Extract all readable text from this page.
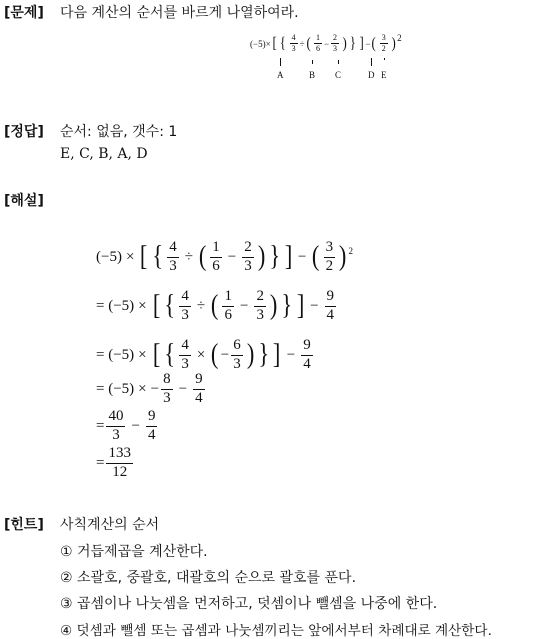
[문제] 다음 계산의 순서를 바르게 나열하여라.
(−5)× [ { $\frac{4}{3}$ ÷ ( $\frac{1}{6} - \frac{2}{3}$ ) } ] − ( $\frac{3}{2} )^2$
A	B C	D E
[정답] 순서: 없음, 갯수: 1
E, C, B, A, D
[해설]
(−5) × [ { $\frac{4}{3}$ ÷ ( $\frac{1}{6} - \frac{2}{3}$ ) } ] − ( $\frac{3}{2} )^2$
= (−5) × [ { $\frac{4}{3}$ ÷ ( $\frac{1}{6} - \frac{2}{3}$ ) } ] − $\frac{9}{4}$
= (−5) × [ { $\frac{4}{3}$ × ( − $\frac{6}{3}$ ) } ] − $\frac{9}{4}$
= (−5) × − $\frac{8}{3} - \frac{9}{4}$
= $\frac{40}{3} - \frac{9}{4}$
= $\frac{133}{12}$
[힌트] 사칙계산의 순서
① 거듭제곱을 계산한다.
② 소괄호, 중괄호, 대괄호의 순으로 괄호를 푼다.
③ 곱셈이나 나눗셈을 먼저하고, 덧셈이나 뺄셈을 나중에 한다.
④ 덧셈과 뺄셈 또는 곱셈과 나눗셈끼리는 앞에서부터 차례대로 계산한다.
